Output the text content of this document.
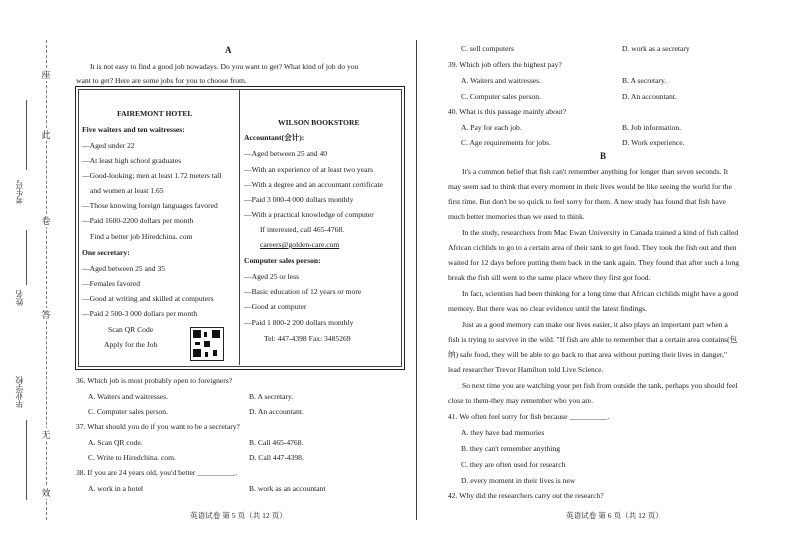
座
此
卷
答
无
效
考生号
姓名
毕业学校
A
It is not easy to find a good job nowadays. Do you want to get? What kind of job do you
want to get? Here are some jobs for you to choose from.
FAIREMONT HOTEL
Five waiters and ten waitresses:
—Aged under 22
—At least high school graduates
—Good-looking; men at least 1.72 meters tall
and women at least 1.65
—Those knowing foreign languages favored
—Paid 1600-2200 dollars per month
Find a better job Hiredchina. com
One secretary:
—Aged between 25 and 35
—Females favored
—Good at writing and skilled at computers
—Paid 2 500-3 000 dollars per month
Scan QR Code
Apply for the Job
WILSON BOOKSTORE
Accountant(会计):
—Aged between 25 and 40
—With an experience of at least two years
—With a degree and an accountant certificate
—Paid 3 000-4 000 dollars monthly
—With a practical knowledge of computer
If interested, call 465-4768.
careers@golden-care.com
Computer sales person:
—Aged 25 or less
—Basic education of 12 years or more
—Good at computer
—Paid 1 800-2 200 dollars monthly
Tel: 447-4398 Fax: 3485269
36. Which job is most probably open to foreigners?
A. Waiters and waitresses.	B. A secretary.
C. Computer sales person.	D. An accountant.
37. What should you do if you want to be a secretary?
A. Scan QR code.	B. Call 465-4768.
C. Write to Hiredchina. com.	D. Call 447-4398.
38. If you are 24 years old, you'd better __________.
A. work in a hotel	B. work as an accountant
英语试卷 第 5 页（共 12 页）
C. sell computers	D. work as a secretary
39. Which job offers the highest pay?
A. Waiters and waitresses.	B. A secretary.
C. Computer sales person.	D. An accountant.
40. What is this passage mainly about?
A. Pay for each job.	B. Job information.
C. Age requirements for jobs.	D. Work experience.
B
It's a common belief that fish can't remember anything for longer than seven seconds. It
may seem sad to think that every moment in their lives would be like seeing the world for the
first time. But don't be so quick to feel sorry for them. A new study has found that fish have
much better memories than we used to think.
In the study, researchers from Mac Ewan University in Canada trained a kind of fish called
African cichlids to go to a certain area of their tank to get food. They took the fish out and then
waited for 12 days before putting them back in the tank again. They found that after such a long
break the fish sill went to the same place where they first got food.
In fact, scientists had been thinking for a long time that African cichlids might have a good
memory. But there was no clear evidence until the latest findings.
Just as a good memory can make our lives easier, it also plays an important part when a
fish is trying to survive in the wild. "If fish are able to remember that a certain area contains(包
纳) safe food, they will be able to go back to that area without putting their lives in danger,"
lead researcher Trevor Hamilton told Live Science.
So next time you are watching your pet fish from outside the tank, perhaps you should feel
close to them-they may remember who you are.
41. We often feel sorry for fish because __________.
A. they have bad memories
B. they can't remember anything
C. they are often used for research
D. every moment in their lives is new
42. Why did the researchers carry out the research?
英语试卷 第 6 页（共 12 页）
